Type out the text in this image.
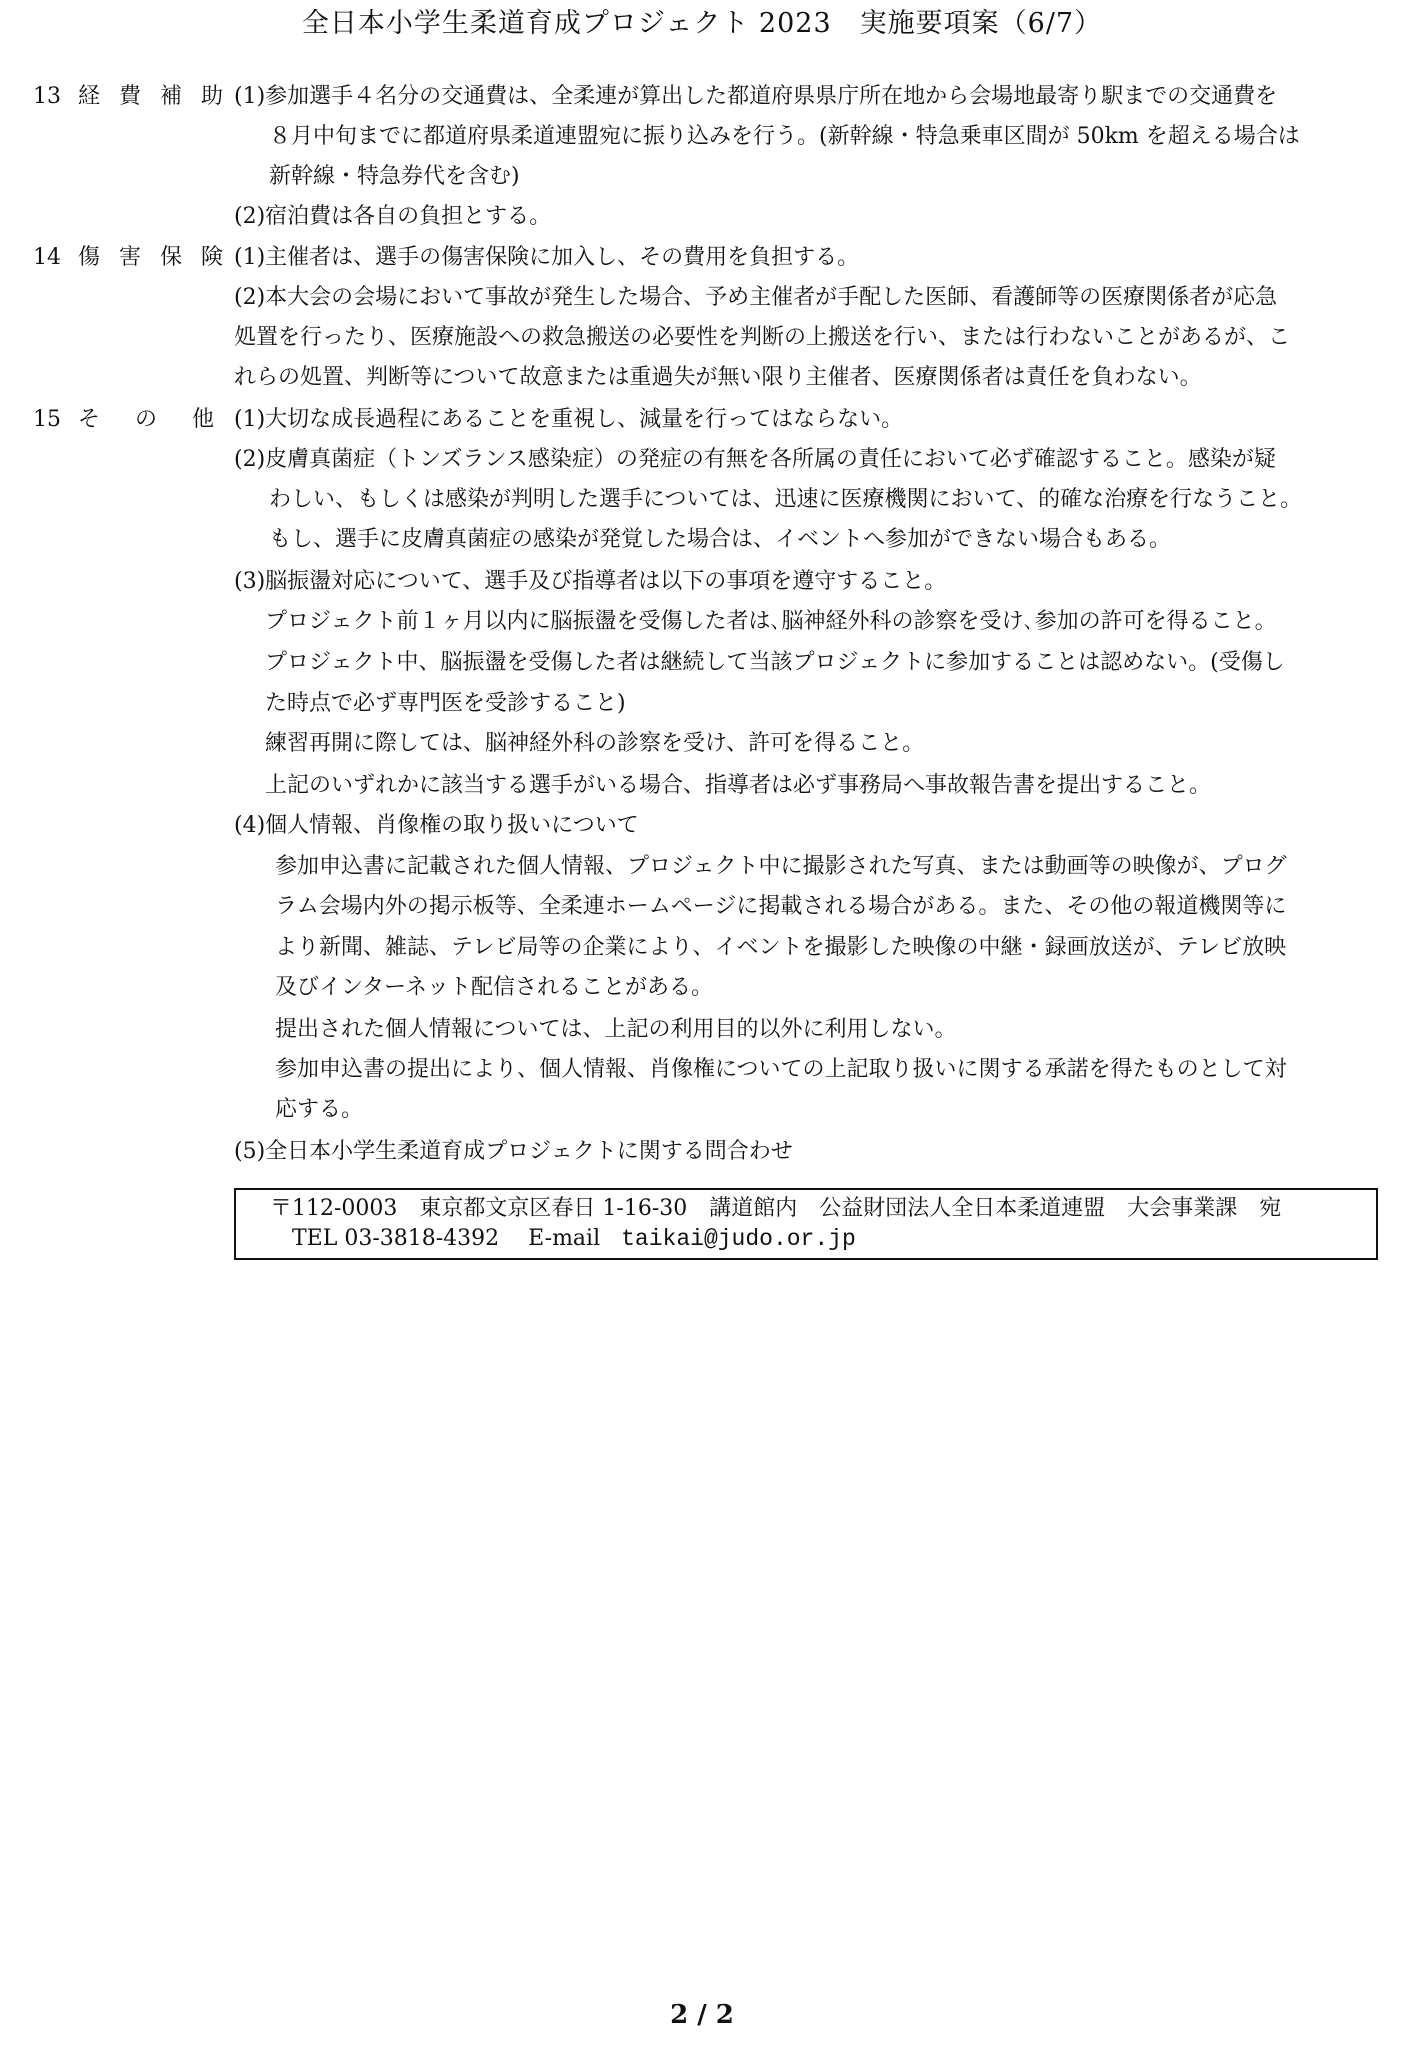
全日本小学生柔道育成プロジェクト 2023　実施要項案（6/7）
13 経 費 補 助 (1)参加選手４名分の交通費は、全柔連が算出した都道府県県庁所在地から会場地最寄り駅までの交通費を
８月中旬までに都道府県柔道連盟宛に振り込みを行う。(新幹線・特急乗車区間が 50km を超える場合は
新幹線・特急券代を含む)
(2)宿泊費は各自の負担とする。
14 傷 害 保 険 (1)主催者は、選手の傷害保険に加入し、その費用を負担する。
(2)本大会の会場において事故が発生した場合、予め主催者が手配した医師、看護師等の医療関係者が応急
処置を行ったり、医療施設への救急搬送の必要性を判断の上搬送を行い、または行わないことがあるが、こ
れらの処置、判断等について故意または重過失が無い限り主催者、医療関係者は責任を負わない。
15 そ の 他 (1)大切な成長過程にあることを重視し、減量を行ってはならない。
(2)皮膚真菌症（トンズランス感染症）の発症の有無を各所属の責任において必ず確認すること。感染が疑
わしい、もしくは感染が判明した選手については、迅速に医療機関において、的確な治療を行なうこと。
もし、選手に皮膚真菌症の感染が発覚した場合は、イベントへ参加ができない場合もある。
(3)脳振盪対応について、選手及び指導者は以下の事項を遵守すること。
プロジェクト前１ヶ月以内に脳振盪を受傷した者は､脳神経外科の診察を受け､参加の許可を得ること。
プロジェクト中、脳振盪を受傷した者は継続して当該プロジェクトに参加することは認めない。(受傷し
た時点で必ず専門医を受診すること)
練習再開に際しては、脳神経外科の診察を受け、許可を得ること。
上記のいずれかに該当する選手がいる場合、指導者は必ず事務局へ事故報告書を提出すること。
(4)個人情報、肖像権の取り扱いについて
参加申込書に記載された個人情報、プロジェクト中に撮影された写真、または動画等の映像が、プログ
ラム会場内外の掲示板等、全柔連ホームページに掲載される場合がある。また、その他の報道機関等に
より新聞、雑誌、テレビ局等の企業により、イベントを撮影した映像の中継・録画放送が、テレビ放映
及びインターネット配信されることがある。
提出された個人情報については、上記の利用目的以外に利用しない。
参加申込書の提出により、個人情報、肖像権についての上記取り扱いに関する承諾を得たものとして対
応する。
(5)全日本小学生柔道育成プロジェクトに関する問合わせ
〒112-0003　東京都文京区春日 1-16-30　講道館内　公益財団法人全日本柔道連盟　大会事業課　宛
TEL 03-3818-4392　 E-mail taikai@judo.or.jp
2 / 2
